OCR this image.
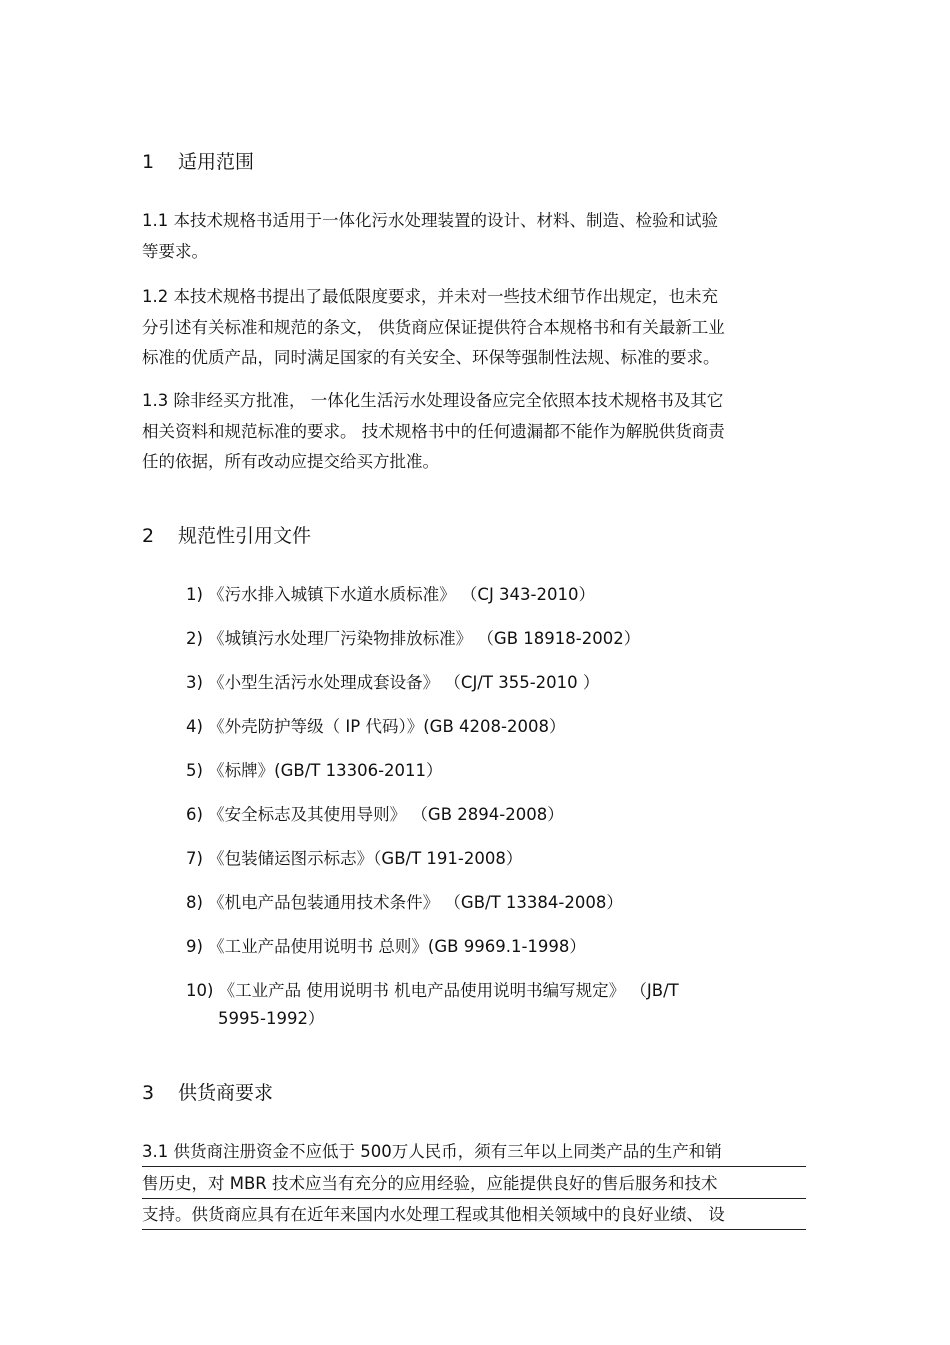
1 适用范围
1.1 本技术规格书适用于一体化污水处理装置的设计、材料、制造、检验和试验
等要求。
1.2 本技术规格书提出了最低限度要求，并未对一些技术细节作出规定，也未充
分引述有关标准和规范的条文， 供货商应保证提供符合本规格书和有关最新工业
标准的优质产品，同时满足国家的有关安全、环保等强制性法规、标准的要求。
1.3 除非经买方批准， 一体化生活污水处理设备应完全依照本技术规格书及其它
相关资料和规范标准的要求。 技术规格书中的任何遗漏都不能作为解脱供货商责
任的依据，所有改动应提交给买方批准。
2 规范性引用文件
1) 《污水排入城镇下水道水质标准》 （CJ 343-2010）
2) 《城镇污水处理厂污染物排放标准》 （GB 18918-2002）
3) 《小型生活污水处理成套设备》 （CJ/T 355-2010 ）
4) 《外壳防护等级（ IP 代码）》(GB 4208-2008）
5) 《标牌》(GB/T 13306-2011）
6) 《安全标志及其使用导则》 （GB 2894-2008）
7) 《包装储运图示标志》（GB/T 191-2008）
8) 《机电产品包装通用技术条件》 （GB/T 13384-2008）
9) 《工业产品使用说明书 总则》(GB 9969.1-1998）
10) 《工业产品 使用说明书 机电产品使用说明书编写规定》 （JB/T
5995-1992）
3 供货商要求
3.1 供货商注册资金不应低于 500万人民币，须有三年以上同类产品的生产和销
售历史，对 MBR 技术应当有充分的应用经验，应能提供良好的售后服务和技术
支持。供货商应具有在近年来国内水处理工程或其他相关领域中的良好业绩、 设
